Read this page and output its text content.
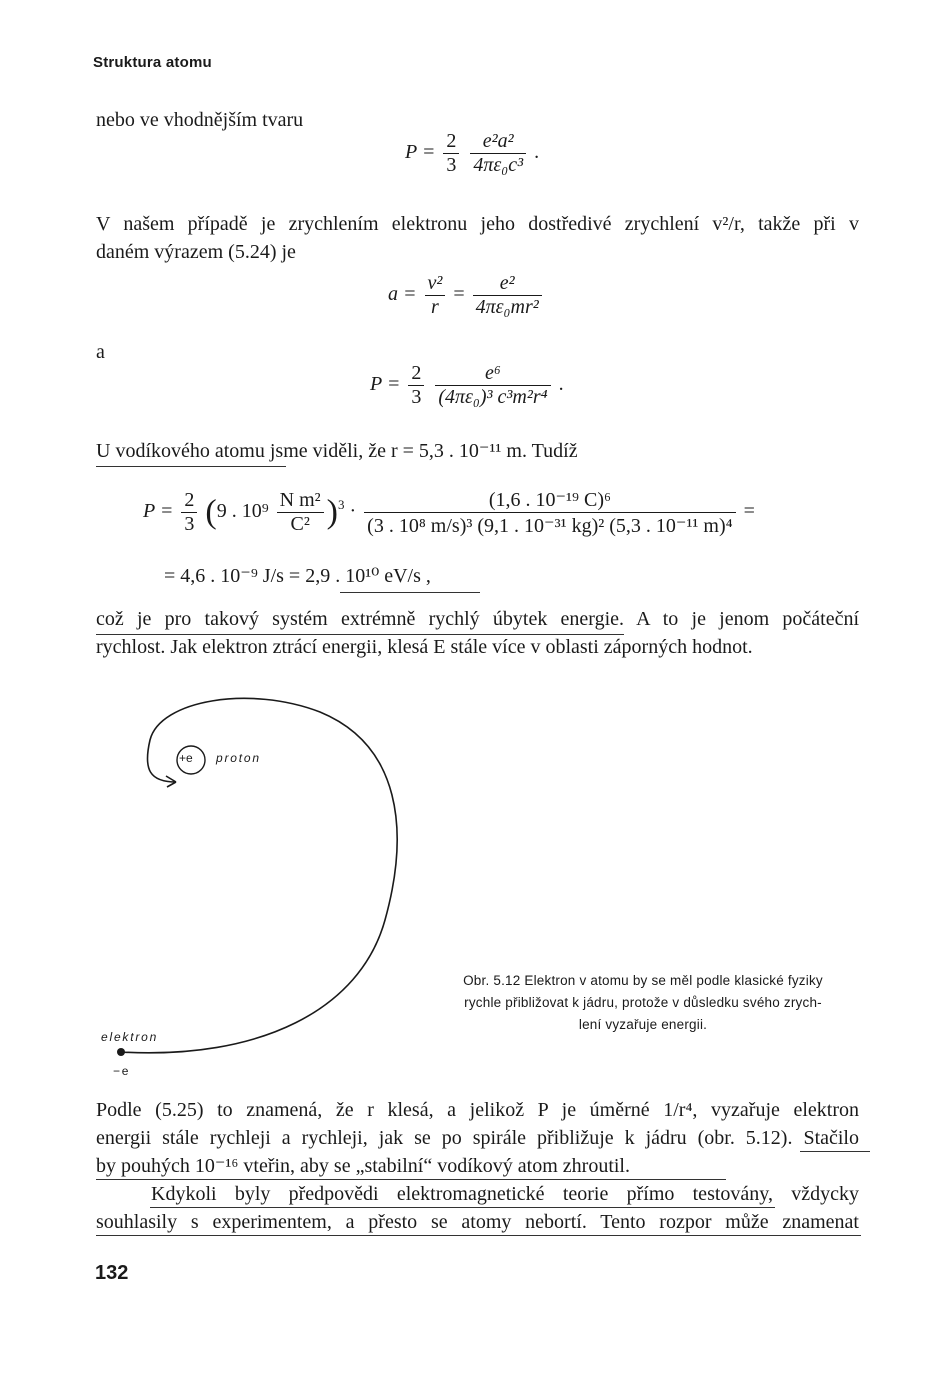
Struktura atomu
nebo ve vhodnějším tvaru
$P = \frac{2}{3}$
$\frac{\text{e²a²}}{\text{4πε₀c³}}$ .
V našem případě je zrychlením elektronu jeho dostředivé zrychlení v²/r, takže při v
daném výrazem (5.24) je
$a = \frac{\text{v²}}{r} = \frac{\text{e²}}{\text{4πε₀mr²}}$
a
$P = \frac{2}{3}$
$\frac{\text{e⁶}}{\text{(4πε₀)³ c³m²r⁴}}$ .
U vodíkového atomu jsme viděli, že r = 5,3 . 10⁻¹¹ m. Tudíž
$P = \frac{2}{3} (9$ . $10^9 \frac{\text{N m²}}{\text{C²}} )^3 \cdot \frac{\text{(1,6 . 10⁻¹⁹ C)⁶}}{\text{(3 . 10⁸ m/s)³ (9,1 . 10⁻³¹ kg)² (5,3 . 10⁻¹¹ m)⁴}}$ =
= 4,6 . 10⁻⁹ J/s = 2,9 . 10¹⁰ eV/s ,
což je pro takový systém extrémně rychlý úbytek energie. A to je jenom počáteční
rychlost. Jak elektron ztrácí energii, klesá E stále více v oblasti záporných hodnot.
+e proton
elektron
−e
Obr. 5.12 Elektron v atomu by se měl podle klasické fyziky
rychle přibližovat k jádru, protože v důsledku svého zrych-
lení vyzařuje energii.
Podle (5.25) to znamená, že r klesá, a jelikož P je úměrné 1/r⁴, vyzařuje elektron
energii stále rychleji a rychleji, jak se po spirále přibližuje k jádru (obr. 5.12). Stačilo
by pouhých 10⁻¹⁶ vteřin, aby se „stabilní“ vodíkový atom zhroutil.
Kdykoli byly předpovědi elektromagnetické teorie přímo testovány, vždycky
souhlasily s experimentem, a přesto se atomy nebortí. Tento rozpor může znamenat
132
